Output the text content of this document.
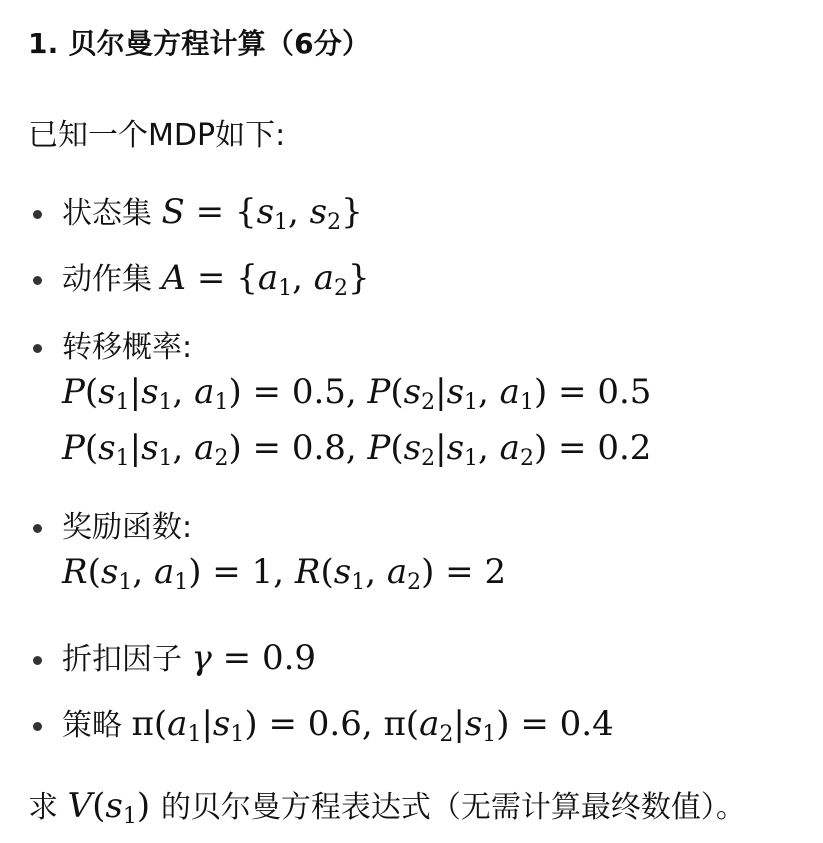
1. 贝尔曼方程计算（6分）
已知一个MDP如下:
状态集 $S = \{s_1$, $s_2$}
动作集 $A = \{a_1$, $a_2$}
转移概率:
$P(s_1|s_1$, $a_1) = 0.5$, $P(s_2|s_1$, $a_1) = 0.5$
$P(s_1|s_1$, $a_2) = 0.8$, $P(s_2|s_1$, $a_2) = 0.2$
奖励函数:
$R(s_1$, $a_1) = 1$, $R(s_1$, $a_2) = 2$
折扣因子 γ = 0.9
策略 $\pi(a_1|s_1) = 0.6$, $\pi(a_2|s_1) = 0.4$
求 $V(s_1)$ 的贝尔曼方程表达式（无需计算最终数值）。
